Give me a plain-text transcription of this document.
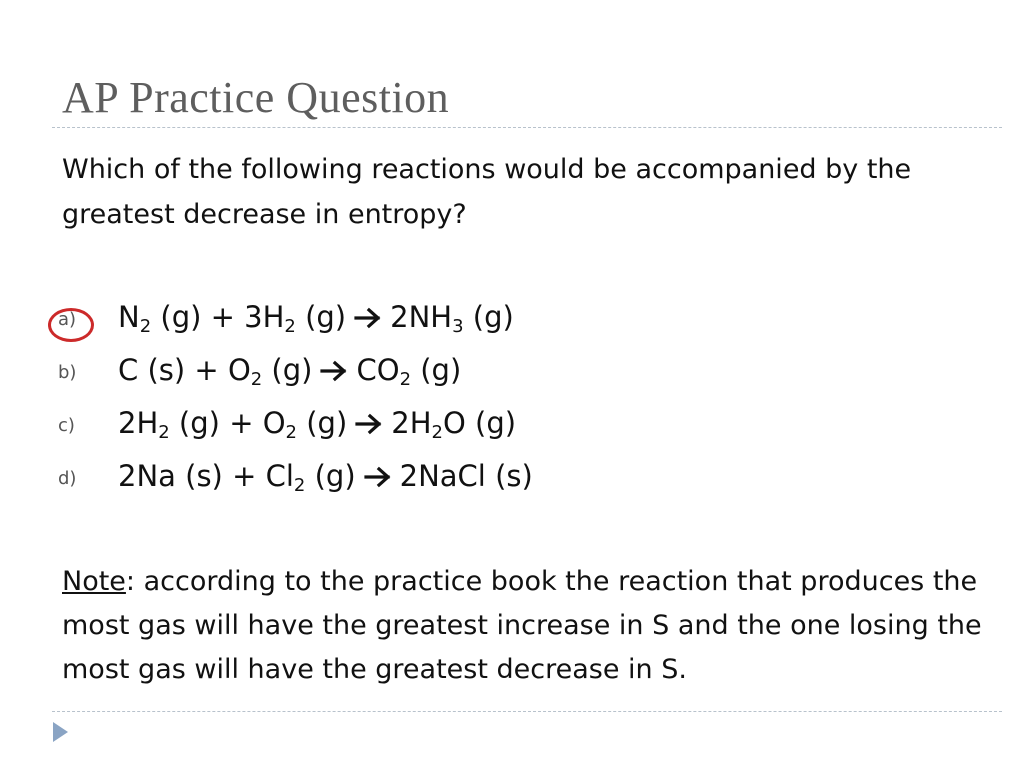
AP Practice Question
Which of the following reactions would be accompanied by the greatest decrease in entropy?
a) $N_2$ $(g) + 3H_2$ (g) $2NH_3$ (g)
b) C $(s) + O_2$ (g) $CO_2$ (g)
c) $2H_2$ $(g) + O_2$ (g) $2H_2O$ (g)
d) 2Na $(s) + Cl_2$ (g) 2NaCl (s)
Note: according to the practice book the reaction that produces the most gas will have the greatest increase in S and the one losing the most gas will have the greatest decrease in S.
